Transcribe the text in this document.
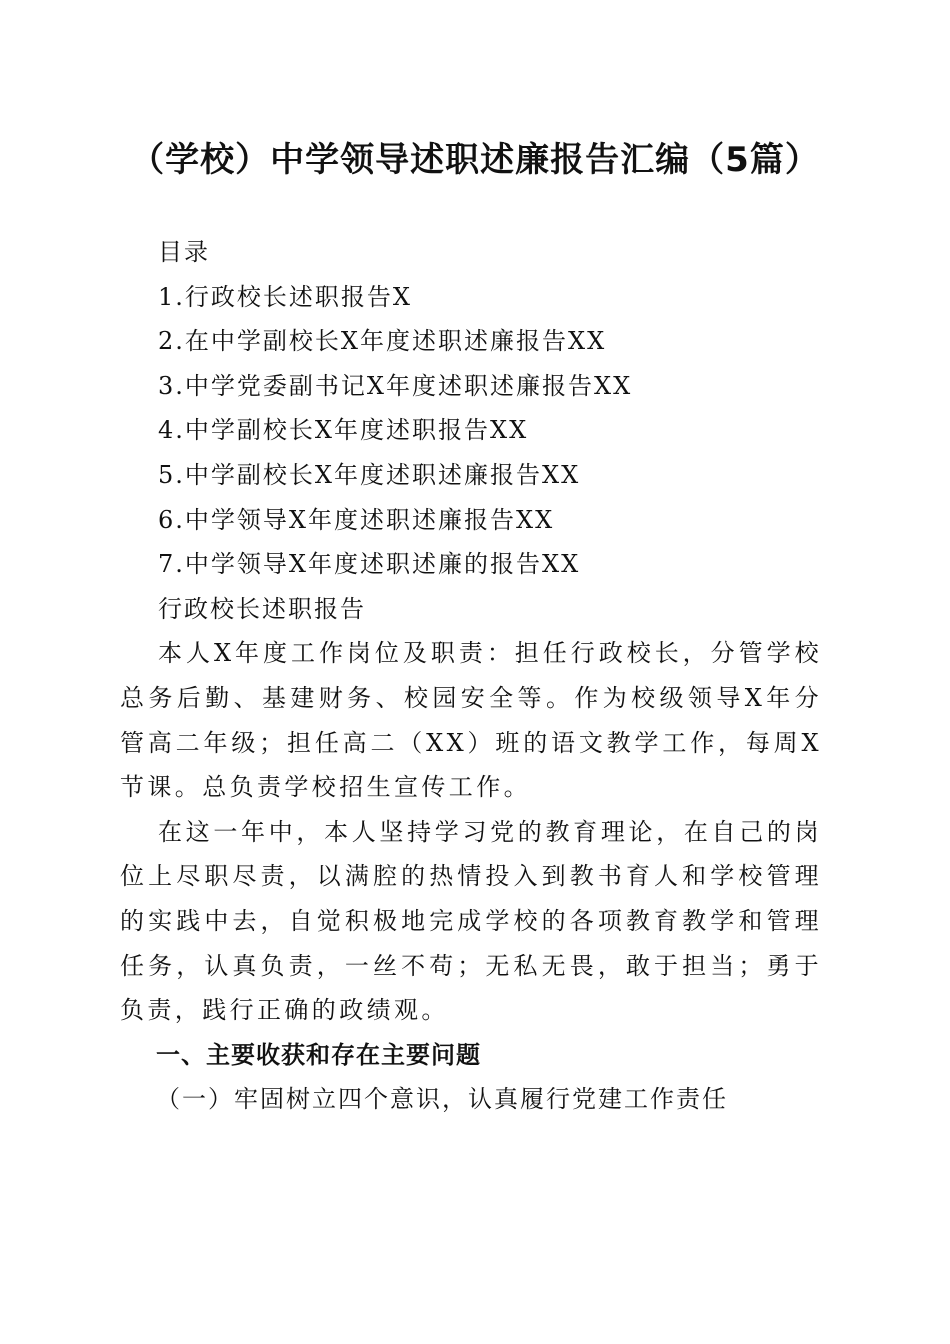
（学校）中学领导述职述廉报告汇编（5篇）
目录
1.行政校长述职报告X
2.在中学副校长X年度述职述廉报告XX
3.中学党委副书记X年度述职述廉报告XX
4.中学副校长X年度述职报告XX
5.中学副校长X年度述职述廉报告XX
6.中学领导X年度述职述廉报告XX
7.中学领导X年度述职述廉的报告XX
行政校长述职报告
本人X年度工作岗位及职责：担任行政校长，分管学校总务后勤、基建财务、校园安全等。作为校级领导X年分管高二年级；担任高二（XX）班的语文教学工作，每周X节课。总负责学校招生宣传工作。
在这一年中，本人坚持学习党的教育理论，在自己的岗位上尽职尽责，以满腔的热情投入到教书育人和学校管理的实践中去，自觉积极地完成学校的各项教育教学和管理任务，认真负责，一丝不苟；无私无畏，敢于担当；勇于负责，践行正确的政绩观。
一、主要收获和存在主要问题
（一）牢固树立四个意识，认真履行党建工作责任
